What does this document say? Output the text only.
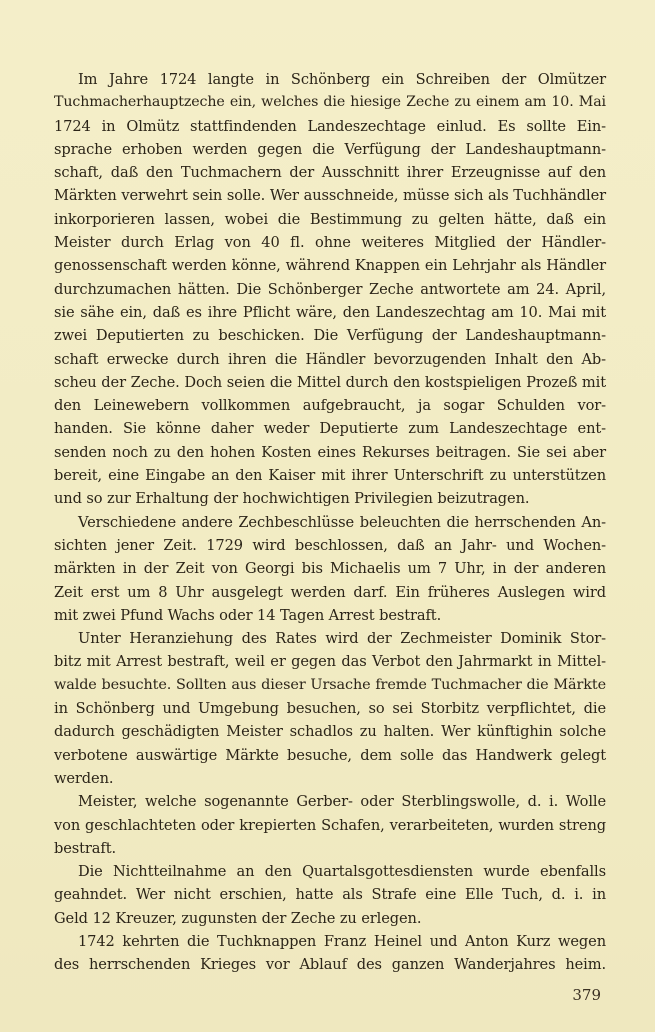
Im Jahre 1724 langte in Schönberg ein Schreiben der Olmützer
Tuchmacherhauptzeche ein, welches die hiesige Zeche zu einem am 10. Mai
1724 in Olmütz stattfindenden Landeszechtage einlud. Es sollte Ein-
sprache erhoben werden gegen die Verfügung der Landeshauptmann-
schaft, daß den Tuchmachern der Ausschnitt ihrer Erzeugnisse auf den
Märkten verwehrt sein solle. Wer ausschneide, müsse sich als Tuchhändler
inkorporieren lassen, wobei die Bestimmung zu gelten hätte, daß ein
Meister durch Erlag von 40 fl. ohne weiteres Mitglied der Händler-
genossenschaft werden könne, während Knappen ein Lehrjahr als Händler
durchzumachen hätten. Die Schönberger Zeche antwortete am 24. April,
sie sähe ein, daß es ihre Pflicht wäre, den Landeszechtag am 10. Mai mit
zwei Deputierten zu beschicken. Die Verfügung der Landeshauptmann-
schaft erwecke durch ihren die Händler bevorzugenden Inhalt den Ab-
scheu der Zeche. Doch seien die Mittel durch den kostspieligen Prozeß mit
den Leinewebern vollkommen aufgebraucht, ja sogar Schulden vor-
handen. Sie könne daher weder Deputierte zum Landeszechtage ent-
senden noch zu den hohen Kosten eines Rekurses beitragen. Sie sei aber
bereit, eine Eingabe an den Kaiser mit ihrer Unterschrift zu unterstützen
und so zur Erhaltung der hochwichtigen Privilegien beizutragen.
Verschiedene andere Zechbeschlüsse beleuchten die herrschenden An-
sichten jener Zeit. 1729 wird beschlossen, daß an Jahr- und Wochen-
märkten in der Zeit von Georgi bis Michaelis um 7 Uhr, in der anderen
Zeit erst um 8 Uhr ausgelegt werden darf. Ein früheres Auslegen wird
mit zwei Pfund Wachs oder 14 Tagen Arrest bestraft.
Unter Heranziehung des Rates wird der Zechmeister Dominik Stor-
bitz mit Arrest bestraft, weil er gegen das Verbot den Jahrmarkt in Mittel-
walde besuchte. Sollten aus dieser Ursache fremde Tuchmacher die Märkte
in Schönberg und Umgebung besuchen, so sei Storbitz verpflichtet, die
dadurch geschädigten Meister schadlos zu halten. Wer künftighin solche
verbotene auswärtige Märkte besuche, dem solle das Handwerk gelegt
werden.
Meister, welche sogenannte Gerber- oder Sterblingswolle, d. i. Wolle
von geschlachteten oder krepierten Schafen, verarbeiteten, wurden streng
bestraft.
Die Nichtteilnahme an den Quartalsgottesdiensten wurde ebenfalls
geahndet. Wer nicht erschien, hatte als Strafe eine Elle Tuch, d. i. in
Geld 12 Kreuzer, zugunsten der Zeche zu erlegen.
1742 kehrten die Tuchknappen Franz Heinel und Anton Kurz wegen
des herrschenden Krieges vor Ablauf des ganzen Wanderjahres heim.
379
